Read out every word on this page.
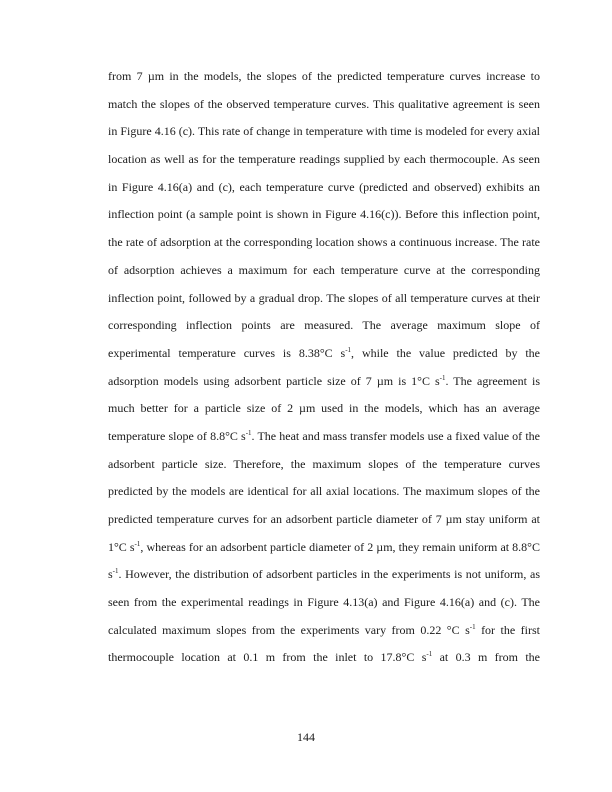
from 7 µm in the models, the slopes of the predicted temperature curves increase to
match the slopes of the observed temperature curves. This qualitative agreement is seen
in Figure 4.16 (c). This rate of change in temperature with time is modeled for every axial
location as well as for the temperature readings supplied by each thermocouple. As seen
in Figure 4.16(a) and (c), each temperature curve (predicted and observed) exhibits an
inflection point (a sample point is shown in Figure 4.16(c)). Before this inflection point,
the rate of adsorption at the corresponding location shows a continuous increase. The rate
of adsorption achieves a maximum for each temperature curve at the corresponding
inflection point, followed by a gradual drop. The slopes of all temperature curves at their
corresponding inflection points are measured. The average maximum slope of
experimental temperature curves is 8.38°C $s^{-1}$, while the value predicted by the
adsorption models using adsorbent particle size of 7 µm is 1°C $s^{-1}$. The agreement is
much better for a particle size of 2 µm used in the models, which has an average
temperature slope of 8.8°C $s^{-1}$. The heat and mass transfer models use a fixed value of the
adsorbent particle size. Therefore, the maximum slopes of the temperature curves
predicted by the models are identical for all axial locations. The maximum slopes of the
predicted temperature curves for an adsorbent particle diameter of 7 µm stay uniform at
1°C $s^{-1}$, whereas for an adsorbent particle diameter of 2 µm, they remain uniform at 8.8°C
$s^{-1}$. However, the distribution of adsorbent particles in the experiments is not uniform, as
seen from the experimental readings in Figure 4.13(a) and Figure 4.16(a) and (c). The
calculated maximum slopes from the experiments vary from 0.22 °C $s^{-1}$ for the first
thermocouple location at 0.1 m from the inlet to 17.8°C $s^{-1}$ at 0.3 m from the
144
